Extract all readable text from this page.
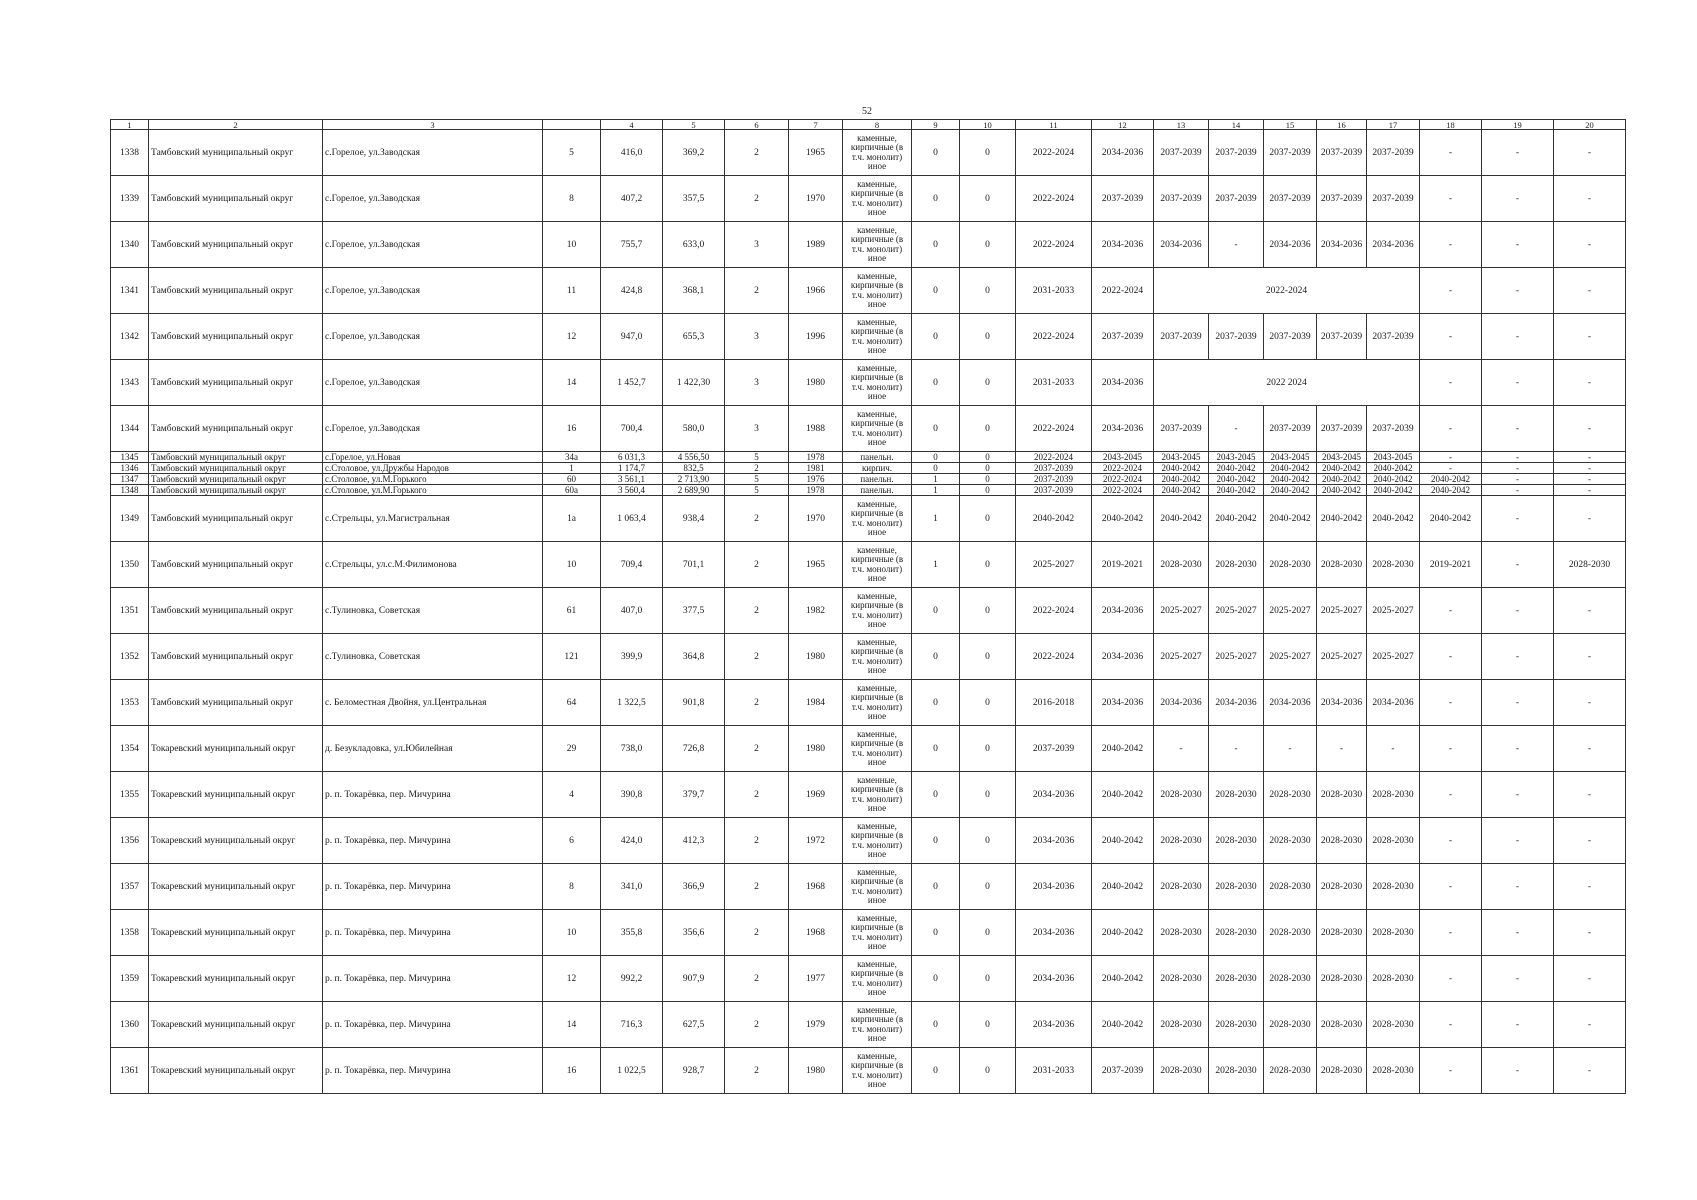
52
1	2	3		4	5	6	7	8	9	10	11	12	13	14	15	16	17	18	19	20
1338	Тамбовский муниципальный округ	с.Горелое, ул.Заводская	5	416,0	369,2	2	1965	каменные,
кирпичные (в
т.ч. монолит)
иное	0	0	2022-2024	2034-2036	2037-2039	2037-2039	2037-2039	2037-2039	2037-2039	-	-	-
1339	Тамбовский муниципальный округ	с.Горелое, ул.Заводская	8	407,2	357,5	2	1970	каменные,
кирпичные (в
т.ч. монолит)
иное	0	0	2022-2024	2037-2039	2037-2039	2037-2039	2037-2039	2037-2039	2037-2039	-	-	-
1340	Тамбовский муниципальный округ	с.Горелое, ул.Заводская	10	755,7	633,0	3	1989	каменные,
кирпичные (в
т.ч. монолит)
иное	0	0	2022-2024	2034-2036	2034-2036	-	2034-2036	2034-2036	2034-2036	-	-	-
1341	Тамбовский муниципальный округ	с.Горелое, ул.Заводская	11	424,8	368,1	2	1966	каменные,
кирпичные (в
т.ч. монолит)
иное	0	0	2031-2033	2022-2024	2022-2024					-	-	-
1342	Тамбовский муниципальный округ	с.Горелое, ул.Заводская	12	947,0	655,3	3	1996	каменные,
кирпичные (в
т.ч. монолит)
иное	0	0	2022-2024	2037-2039	2037-2039	2037-2039	2037-2039	2037-2039	2037-2039	-	-	-
1343	Тамбовский муниципальный округ	с.Горелое, ул.Заводская	14	1 452,7	1 422,30	3	1980	каменные,
кирпичные (в
т.ч. монолит)
иное	0	0	2031-2033	2034-2036	2022 2024					-	-	-
1344	Тамбовский муниципальный округ	с.Горелое, ул.Заводская	16	700,4	580,0	3	1988	каменные,
кирпичные (в
т.ч. монолит)
иное	0	0	2022-2024	2034-2036	2037-2039	-	2037-2039	2037-2039	2037-2039	-	-	-
1345	Тамбовский муниципальный округ	с.Горелое, ул.Новая	34а	6 031,3	4 556,50	5	1978	панельн.	0	0	2022-2024	2043-2045	2043-2045	2043-2045	2043-2045	2043-2045	2043-2045	-	-	-
1346	Тамбовский муниципальный округ	с.Столовое, ул.Дружбы Народов	1	1 174,7	832,5	2	1981	кирпич.	0	0	2037-2039	2022-2024	2040-2042	2040-2042	2040-2042	2040-2042	2040-2042	-	-	-
1347	Тамбовский муниципальный округ	с.Столовое, ул.М.Горького	60	3 561,1	2 713,90	5	1976	панельн.	1	0	2037-2039	2022-2024	2040-2042	2040-2042	2040-2042	2040-2042	2040-2042	2040-2042	-	-
1348	Тамбовский муниципальный округ	с.Столовое, ул.М.Горького	60а	3 560,4	2 689,90	5	1978	панельн.	1	0	2037-2039	2022-2024	2040-2042	2040-2042	2040-2042	2040-2042	2040-2042	2040-2042	-	-
1349	Тамбовский муниципальный округ	с.Стрельцы, ул.Магистральная	1а	1 063,4	938,4	2	1970	каменные,
кирпичные (в
т.ч. монолит)
иное	1	0	2040-2042	2040-2042	2040-2042	2040-2042	2040-2042	2040-2042	2040-2042	2040-2042	-	-
1350	Тамбовский муниципальный округ	с.Стрельцы, ул.с.М.Филимонова	10	709,4	701,1	2	1965	каменные,
кирпичные (в
т.ч. монолит)
иное	1	0	2025-2027	2019-2021	2028-2030	2028-2030	2028-2030	2028-2030	2028-2030	2019-2021	-	2028-2030
1351	Тамбовский муниципальный округ	с.Тулиновка, Советская	61	407,0	377,5	2	1982	каменные,
кирпичные (в
т.ч. монолит)
иное	0	0	2022-2024	2034-2036	2025-2027	2025-2027	2025-2027	2025-2027	2025-2027	-	-	-
1352	Тамбовский муниципальный округ	с.Тулиновка, Советская	121	399,9	364,8	2	1980	каменные,
кирпичные (в
т.ч. монолит)
иное	0	0	2022-2024	2034-2036	2025-2027	2025-2027	2025-2027	2025-2027	2025-2027	-	-	-
1353	Тамбовский муниципальный округ	с. Беломестная Двойня, ул.Центральная	64	1 322,5	901,8	2	1984	каменные,
кирпичные (в
т.ч. монолит)
иное	0	0	2016-2018	2034-2036	2034-2036	2034-2036	2034-2036	2034-2036	2034-2036	-	-	-
1354	Токаревский муниципальный округ	д. Безукладовка, ул.Юбилейная	29	738,0	726,8	2	1980	каменные,
кирпичные (в
т.ч. монолит)
иное	0	0	2037-2039	2040-2042	-	-	-	-	-	-	-	-
1355	Токаревский муниципальный округ	р. п. Токарёвка, пер. Мичурина	4	390,8	379,7	2	1969	каменные,
кирпичные (в
т.ч. монолит)
иное	0	0	2034-2036	2040-2042	2028-2030	2028-2030	2028-2030	2028-2030	2028-2030	-	-	-
1356	Токаревский муниципальный округ	р. п. Токарёвка, пер. Мичурина	6	424,0	412,3	2	1972	каменные,
кирпичные (в
т.ч. монолит)
иное	0	0	2034-2036	2040-2042	2028-2030	2028-2030	2028-2030	2028-2030	2028-2030	-	-	-
1357	Токаревский муниципальный округ	р. п. Токарёвка, пер. Мичурина	8	341,0	366,9	2	1968	каменные,
кирпичные (в
т.ч. монолит)
иное	0	0	2034-2036	2040-2042	2028-2030	2028-2030	2028-2030	2028-2030	2028-2030	-	-	-
1358	Токаревский муниципальный округ	р. п. Токарёвка, пер. Мичурина	10	355,8	356,6	2	1968	каменные,
кирпичные (в
т.ч. монолит)
иное	0	0	2034-2036	2040-2042	2028-2030	2028-2030	2028-2030	2028-2030	2028-2030	-	-	-
1359	Токаревский муниципальный округ	р. п. Токарёвка, пер. Мичурина	12	992,2	907,9	2	1977	каменные,
кирпичные (в
т.ч. монолит)
иное	0	0	2034-2036	2040-2042	2028-2030	2028-2030	2028-2030	2028-2030	2028-2030	-	-	-
1360	Токаревский муниципальный округ	р. п. Токарёвка, пер. Мичурина	14	716,3	627,5	2	1979	каменные,
кирпичные (в
т.ч. монолит)
иное	0	0	2034-2036	2040-2042	2028-2030	2028-2030	2028-2030	2028-2030	2028-2030	-	-	-
1361	Токаревский муниципальный округ	р. п. Токарёвка, пер. Мичурина	16	1 022,5	928,7	2	1980	каменные,
кирпичные (в
т.ч. монолит)
иное	0	0	2031-2033	2037-2039	2028-2030	2028-2030	2028-2030	2028-2030	2028-2030	-	-	-
